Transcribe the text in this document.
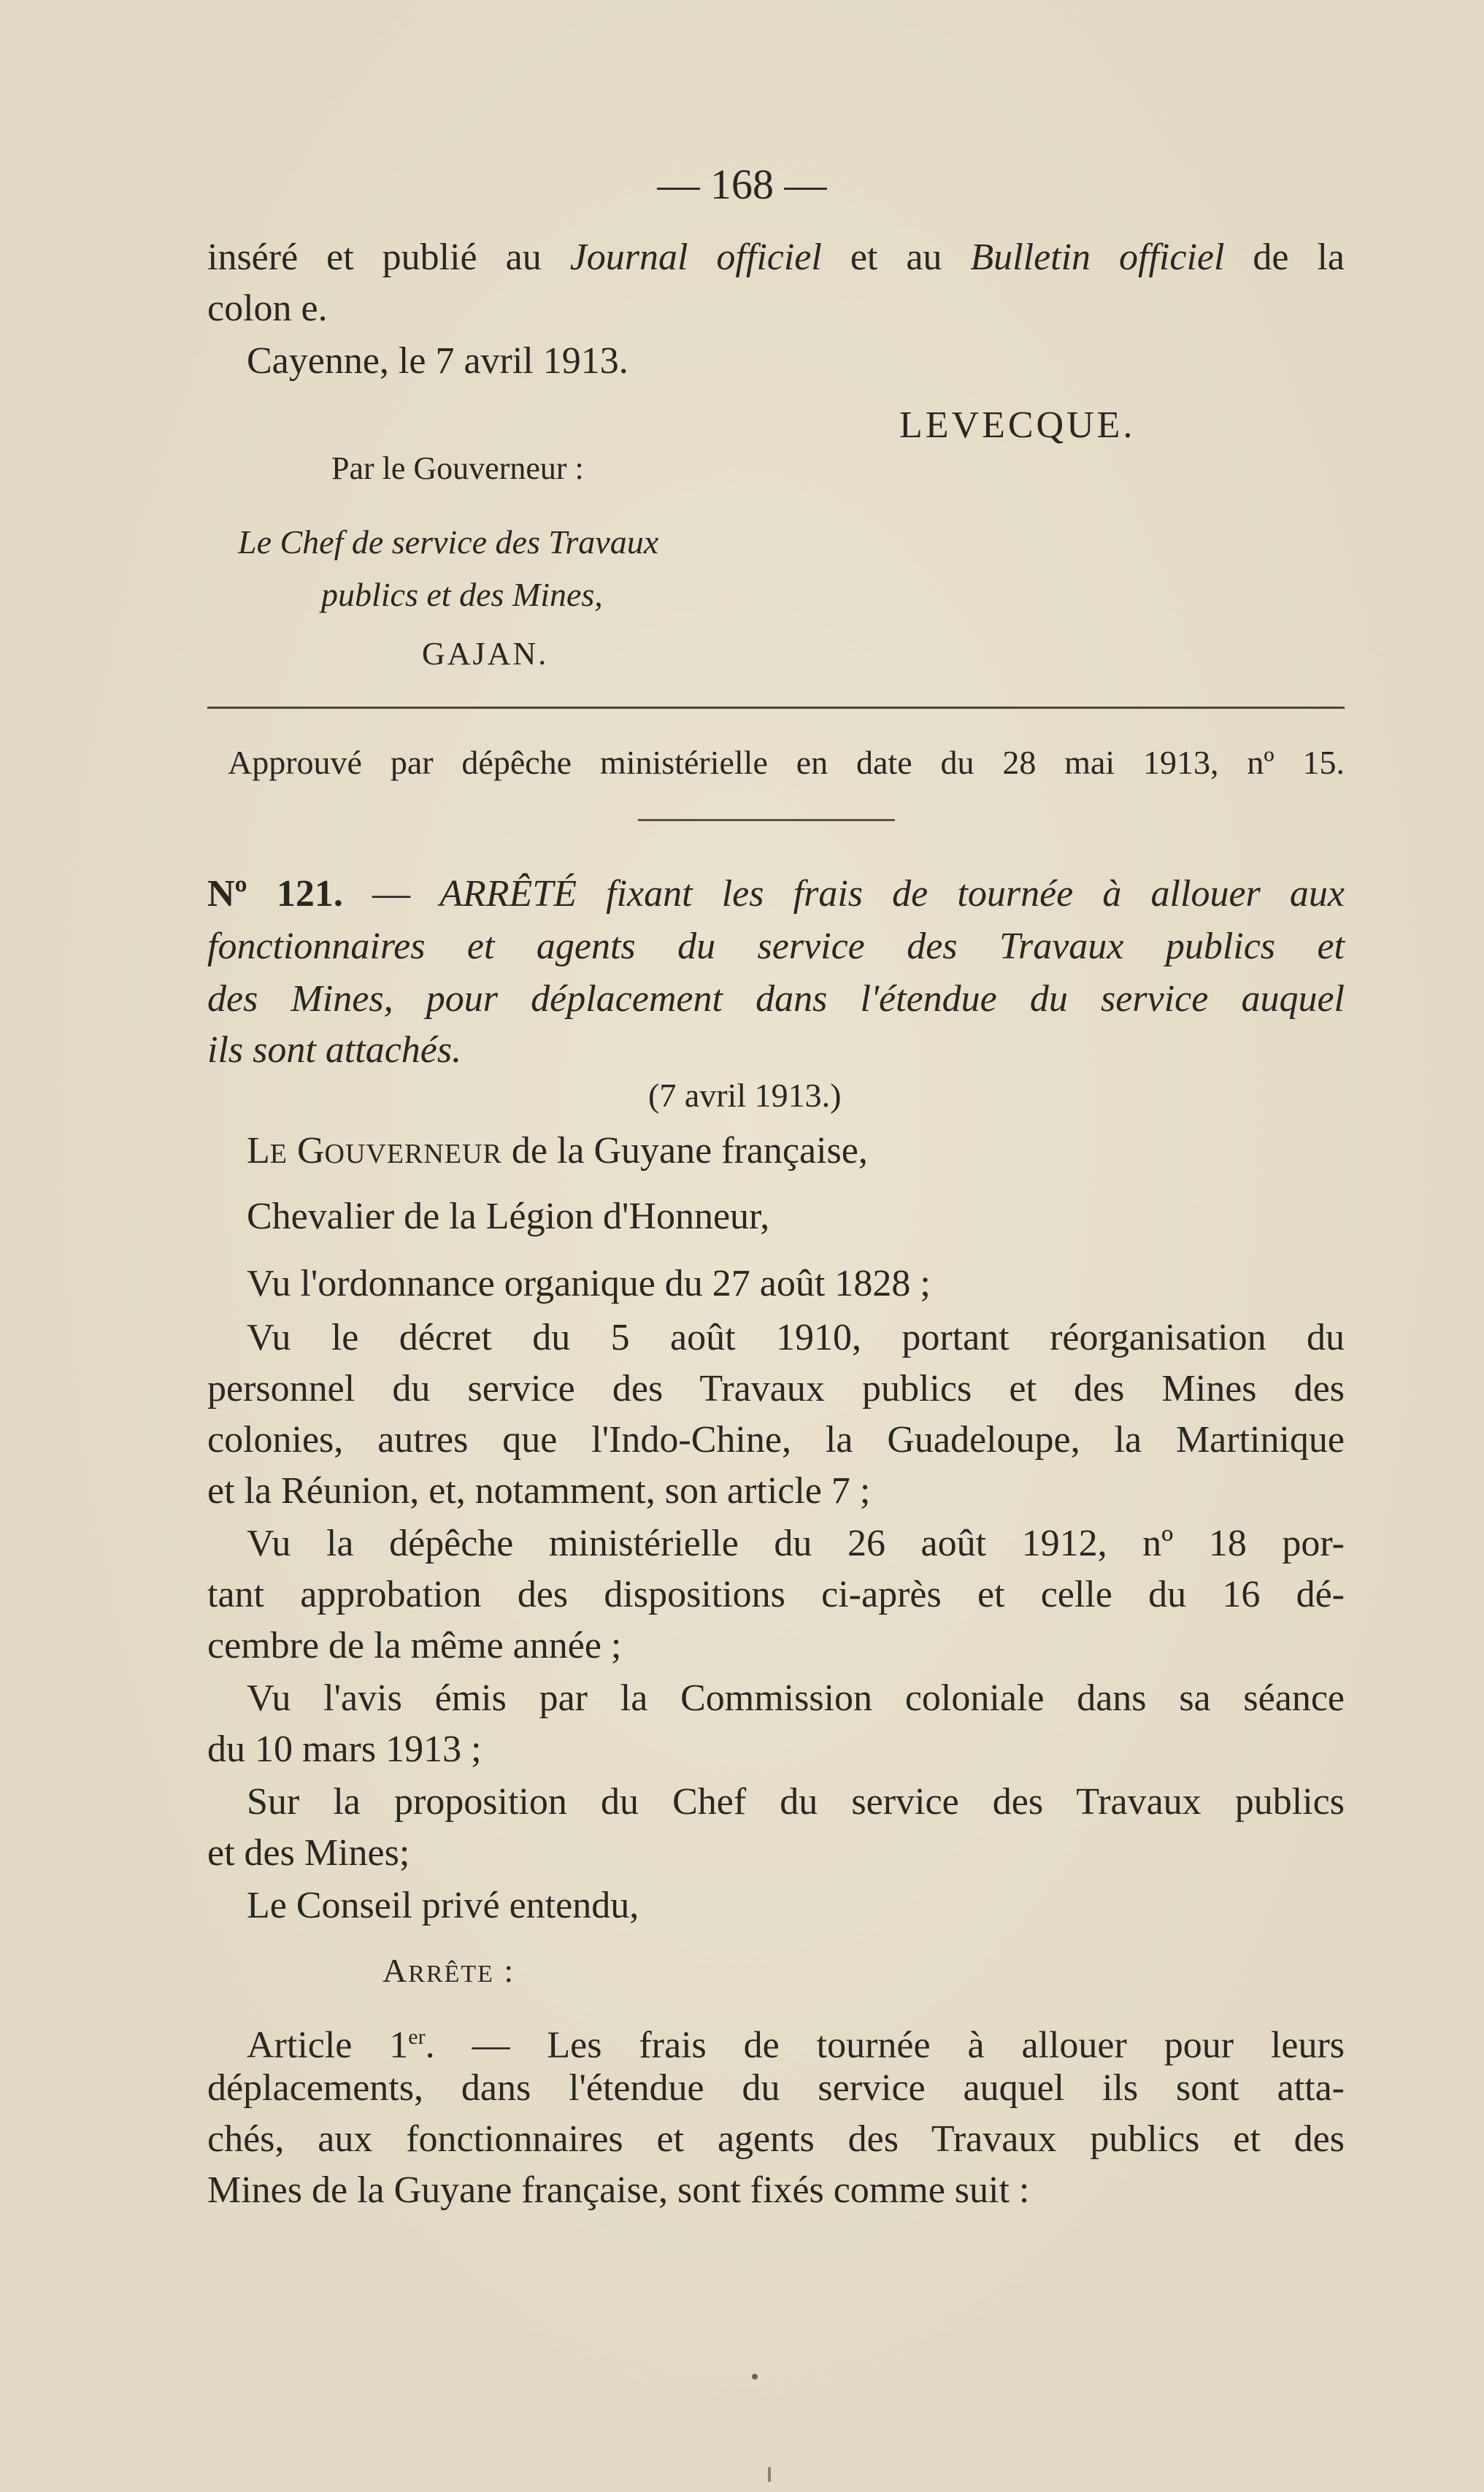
— 168 —
inséré et publié au Journal officiel et au Bulletin officiel de la
colon e.
Cayenne, le 7 avril 1913.
LEVECQUE.
Par le Gouverneur :
Le Chef de service des Travaux
publics et des Mines,
GAJAN.
Approuvé par dépêche ministérielle en date du 28 mai 1913, nº 15.
Nº 121. — ARRÊTÉ fixant les frais de tournée à allouer aux
fonctionnaires et agents du service des Travaux publics et
des Mines, pour déplacement dans l'étendue du service auquel
ils sont attachés.
(7 avril 1913.)
LE GOUVERNEUR de la Guyane française,
Chevalier de la Légion d'Honneur,
Vu l'ordonnance organique du 27 août 1828 ;
Vu le décret du 5 août 1910, portant réorganisation du
personnel du service des Travaux publics et des Mines des
colonies, autres que l'Indo-Chine, la Guadeloupe, la Martinique
et la Réunion, et, notamment, son article 7 ;
Vu la dépêche ministérielle du 26 août 1912, nº 18 por-
tant approbation des dispositions ci-après et celle du 16 dé-
cembre de la même année ;
Vu l'avis émis par la Commission coloniale dans sa séance
du 10 mars 1913 ;
Sur la proposition du Chef du service des Travaux publics
et des Mines;
Le Conseil privé entendu,
ARRÊTE :
Article 1er. — Les frais de tournée à allouer pour leurs
déplacements, dans l'étendue du service auquel ils sont atta-
chés, aux fonctionnaires et agents des Travaux publics et des
Mines de la Guyane française, sont fixés comme suit :
